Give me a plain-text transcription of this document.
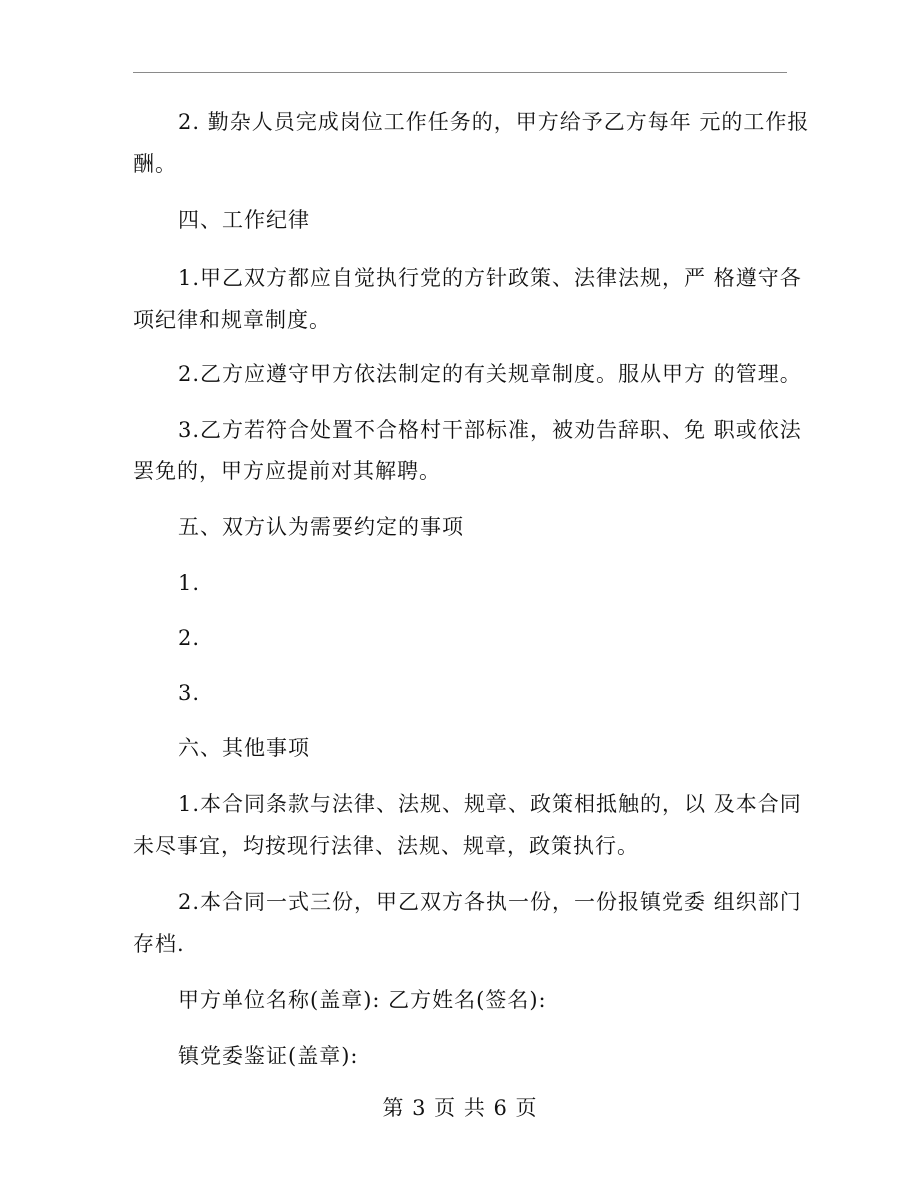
2. 勤杂人员完成岗位工作任务的，甲方给予乙方每年 元的工作报
酬。
四、工作纪律
1.甲乙双方都应自觉执行党的方针政策、法律法规，严 格遵守各
项纪律和规章制度。
2.乙方应遵守甲方依法制定的有关规章制度。服从甲方 的管理。
3.乙方若符合处置不合格村干部标准，被劝告辞职、免 职或依法
罢免的，甲方应提前对其解聘。
五、双方认为需要约定的事项
1.
2.
3.
六、其他事项
1.本合同条款与法律、法规、规章、政策相抵触的，以 及本合同
未尽事宜，均按现行法律、法规、规章，政策执行。
2.本合同一式三份，甲乙双方各执一份，一份报镇党委 组织部门
存档.
甲方单位名称(盖章): 乙方姓名(签名):
镇党委鉴证(盖章):
第 3 页 共 6 页
